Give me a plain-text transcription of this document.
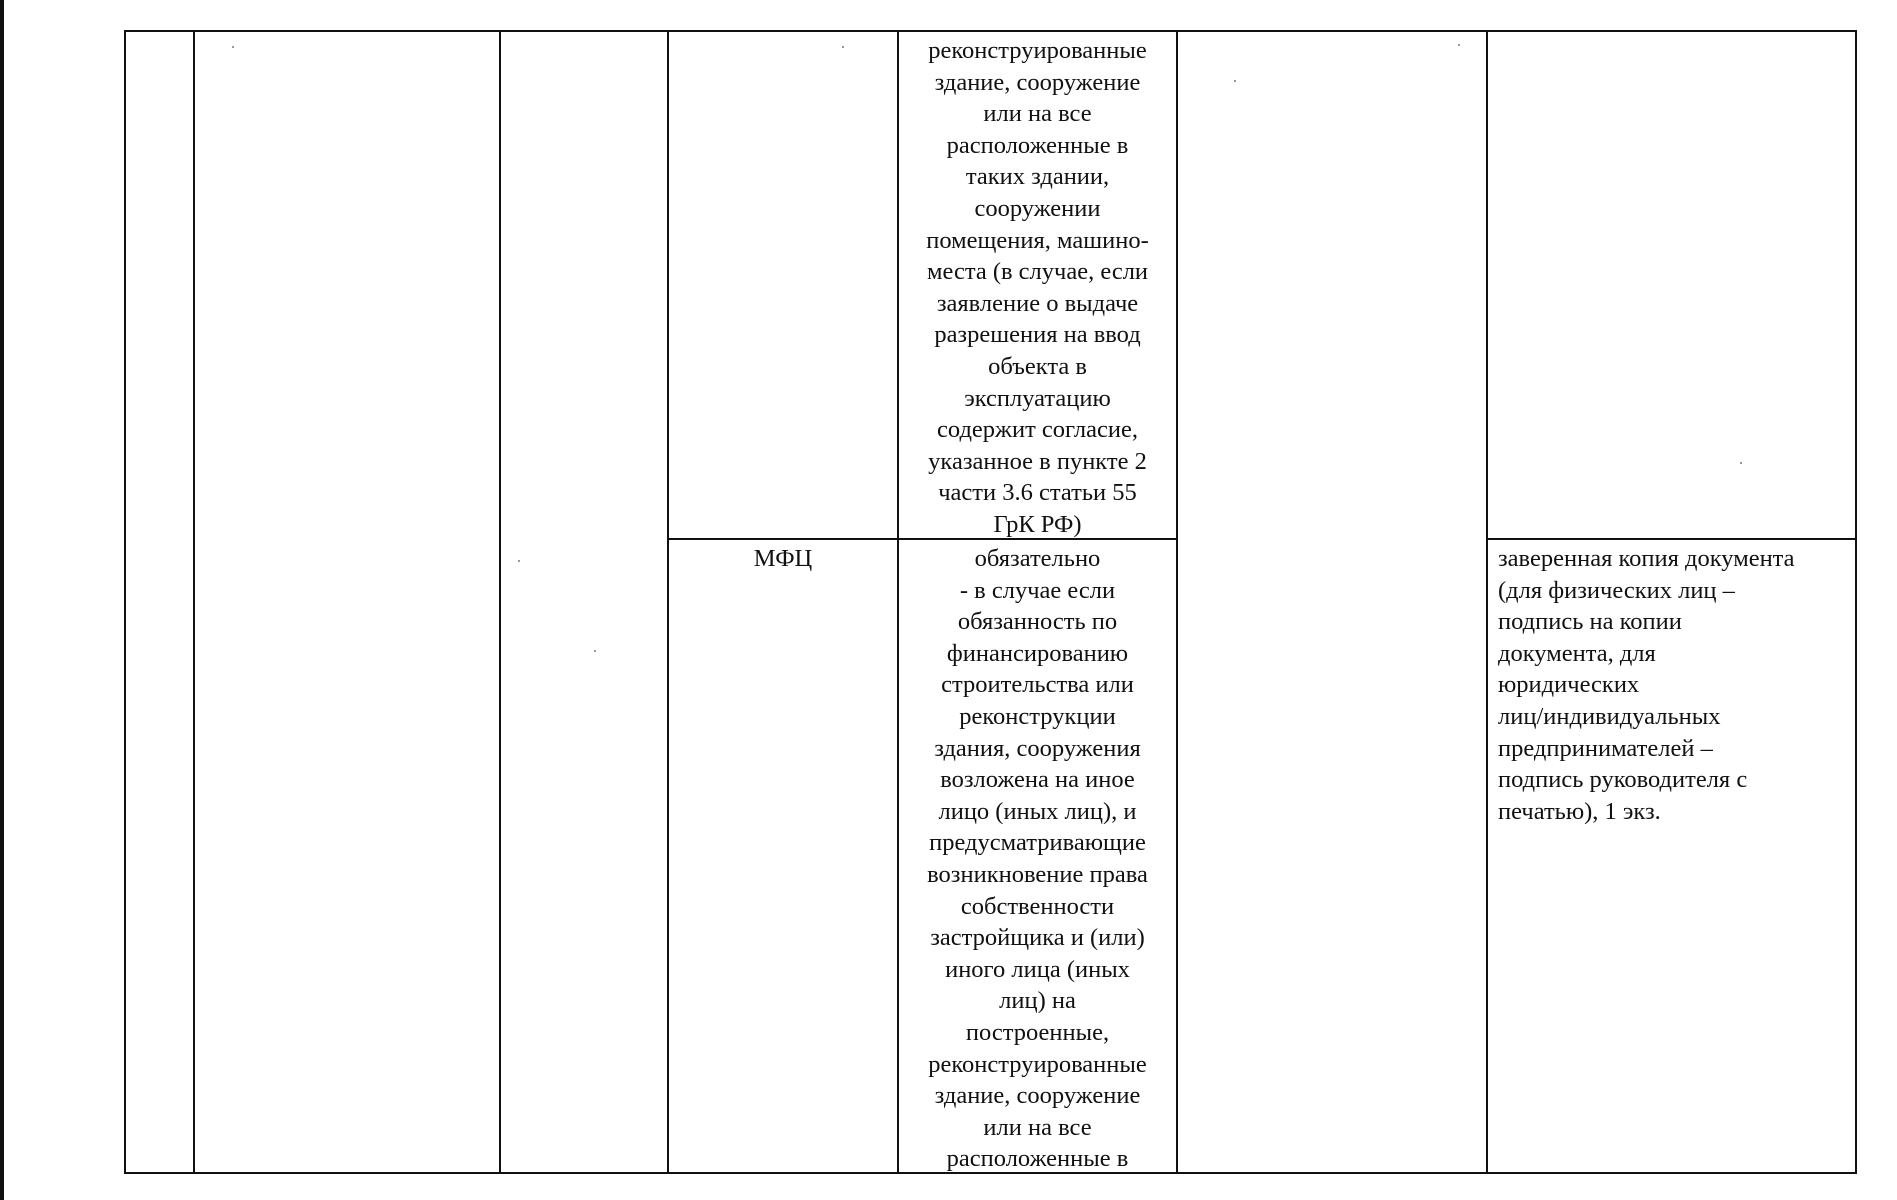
реконструированные
здание, сооружение
или на все
расположенные в
таких здании,
сооружении
помещения, машино-
места (в случае, если
заявление о выдаче
разрешения на ввод
объекта в
эксплуатацию
содержит согласие,
указанное в пункте 2
части 3.6 статьи 55
ГрК РФ)
МФЦ	обязательно
- в случае если
обязанность по
финансированию
строительства или
реконструкции
здания, сооружения
возложена на иное
лицо (иных лиц), и
предусматривающие
возникновение права
собственности
застройщика и (или)
иного лица (иных
лиц) на
построенные,
реконструированные
здание, сооружение
или на все
расположенные в
заверенная копия документа
(для физических лиц –
подпись на копии
документа, для
юридических
лиц/индивидуальных
предпринимателей –
подпись руководителя с
печатью), 1 экз.
